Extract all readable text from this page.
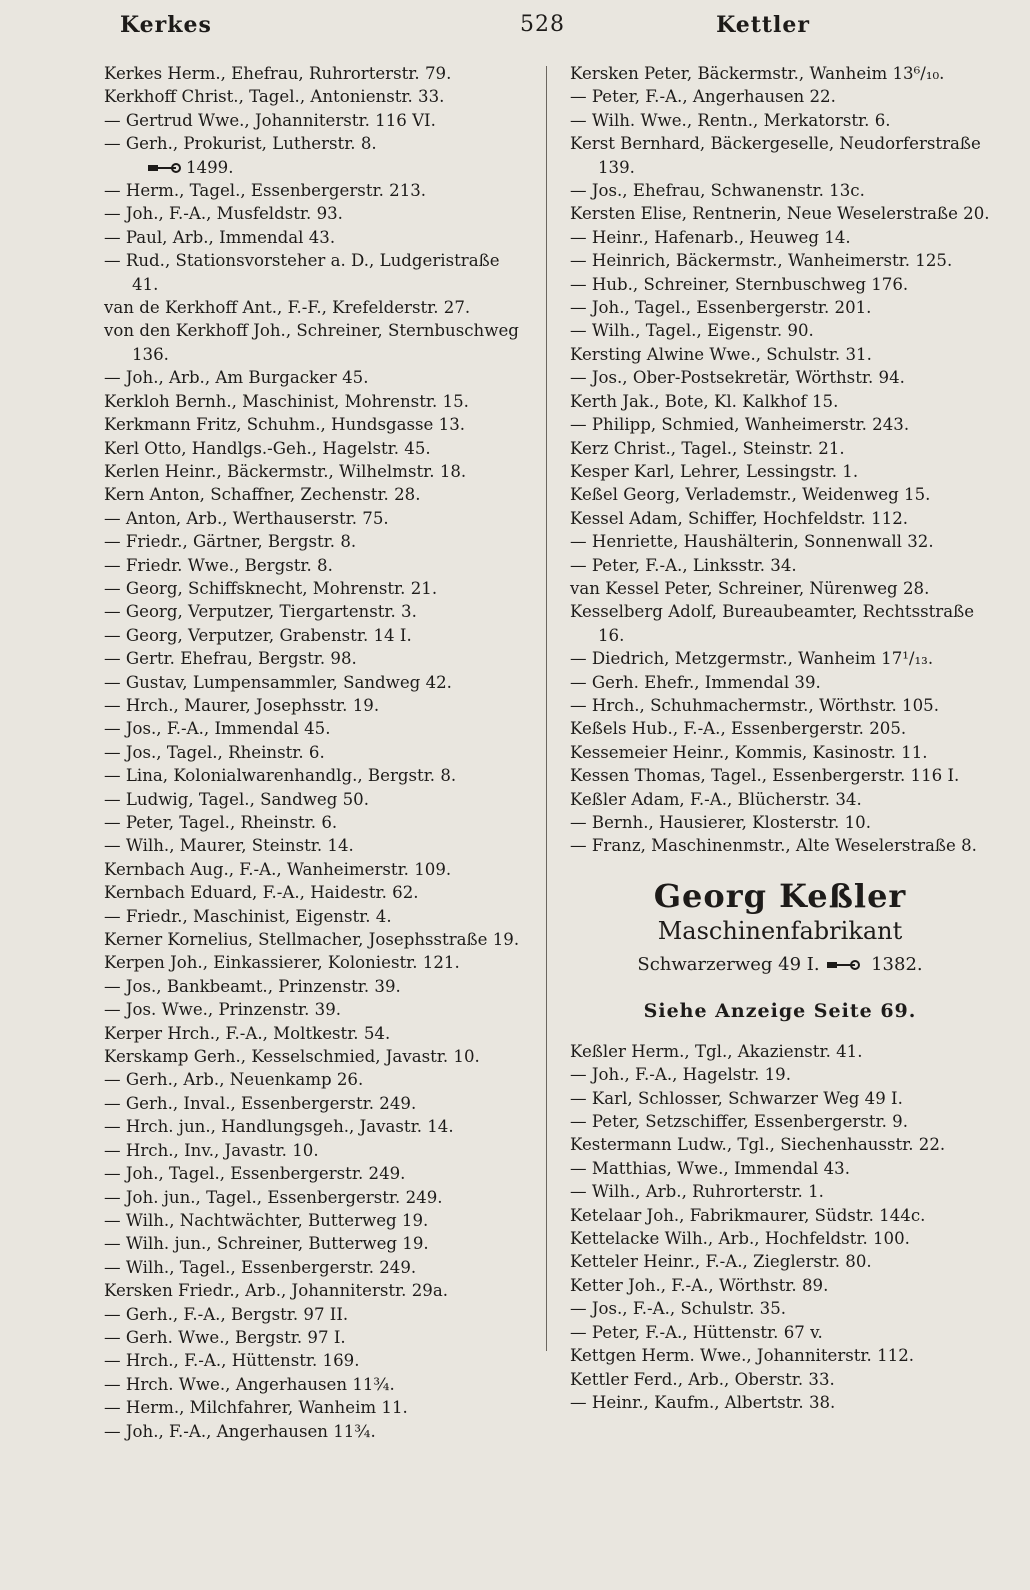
Kerkes	528	Kettler
Kerkes Herm., Ehefrau, Ruhrorterstr. 79.
Kerkhoff Christ., Tagel., Antonienstr. 33.
— Gertrud Wwe., Johanniterstr. 116 VI.
— Gerh., Prokurist, Lutherstr. 8.
1499.
— Herm., Tagel., Essenbergerstr. 213.
— Joh., F.-A., Musfeldstr. 93.
— Paul, Arb., Immendal 43.
— Rud., Stationsvorsteher a. D., Ludgeristraße 41.
van de Kerkhoff Ant., F.-F., Krefelderstr. 27.
von den Kerkhoff Joh., Schreiner, Sternbuschweg 136.
— Joh., Arb., Am Burgacker 45.
Kerkloh Bernh., Maschinist, Mohrenstr. 15.
Kerkmann Fritz, Schuhm., Hundsgasse 13.
Kerl Otto, Handlgs.-Geh., Hagelstr. 45.
Kerlen Heinr., Bäckermstr., Wilhelmstr. 18.
Kern Anton, Schaffner, Zechenstr. 28.
— Anton, Arb., Werthauserstr. 75.
— Friedr., Gärtner, Bergstr. 8.
— Friedr. Wwe., Bergstr. 8.
— Georg, Schiffsknecht, Mohrenstr. 21.
— Georg, Verputzer, Tiergartenstr. 3.
— Georg, Verputzer, Grabenstr. 14 I.
— Gertr. Ehefrau, Bergstr. 98.
— Gustav, Lumpensammler, Sandweg 42.
— Hrch., Maurer, Josephsstr. 19.
— Jos., F.-A., Immendal 45.
— Jos., Tagel., Rheinstr. 6.
— Lina, Kolonialwarenhandlg., Bergstr. 8.
— Ludwig, Tagel., Sandweg 50.
— Peter, Tagel., Rheinstr. 6.
— Wilh., Maurer, Steinstr. 14.
Kernbach Aug., F.-A., Wanheimerstr. 109.
Kernbach Eduard, F.-A., Haidestr. 62.
— Friedr., Maschinist, Eigenstr. 4.
Kerner Kornelius, Stellmacher, Josephsstraße 19.
Kerpen Joh., Einkassierer, Koloniestr. 121.
— Jos., Bankbeamt., Prinzenstr. 39.
— Jos. Wwe., Prinzenstr. 39.
Kerper Hrch., F.-A., Moltkestr. 54.
Kerskamp Gerh., Kesselschmied, Javastr. 10.
— Gerh., Arb., Neuenkamp 26.
— Gerh., Inval., Essenbergerstr. 249.
— Hrch. jun., Handlungsgeh., Javastr. 14.
— Hrch., Inv., Javastr. 10.
— Joh., Tagel., Essenbergerstr. 249.
— Joh. jun., Tagel., Essenbergerstr. 249.
— Wilh., Nachtwächter, Butterweg 19.
— Wilh. jun., Schreiner, Butterweg 19.
— Wilh., Tagel., Essenbergerstr. 249.
Kersken Friedr., Arb., Johanniterstr. 29a.
— Gerh., F.-A., Bergstr. 97 II.
— Gerh. Wwe., Bergstr. 97 I.
— Hrch., F.-A., Hüttenstr. 169.
— Hrch. Wwe., Angerhausen 11¾.
— Herm., Milchfahrer, Wanheim 11.
— Joh., F.-A., Angerhausen 11¾.
Kersken Peter, Bäckermstr., Wanheim 13⁶/₁₀.
— Peter, F.-A., Angerhausen 22.
— Wilh. Wwe., Rentn., Merkatorstr. 6.
Kerst Bernhard, Bäckergeselle, Neudorferstraße 139.
— Jos., Ehefrau, Schwanenstr. 13c.
Kersten Elise, Rentnerin, Neue Weselerstraße 20.
— Heinr., Hafenarb., Heuweg 14.
— Heinrich, Bäckermstr., Wanheimerstr. 125.
— Hub., Schreiner, Sternbuschweg 176.
— Joh., Tagel., Essenbergerstr. 201.
— Wilh., Tagel., Eigenstr. 90.
Kersting Alwine Wwe., Schulstr. 31.
— Jos., Ober-Postsekretär, Wörthstr. 94.
Kerth Jak., Bote, Kl. Kalkhof 15.
— Philipp, Schmied, Wanheimerstr. 243.
Kerz Christ., Tagel., Steinstr. 21.
Kesper Karl, Lehrer, Lessingstr. 1.
Keßel Georg, Verlademstr., Weidenweg 15.
Kessel Adam, Schiffer, Hochfeldstr. 112.
— Henriette, Haushälterin, Sonnenwall 32.
— Peter, F.-A., Linksstr. 34.
van Kessel Peter, Schreiner, Nürenweg 28.
Kesselberg Adolf, Bureaubeamter, Rechtsstraße 16.
— Diedrich, Metzgermstr., Wanheim 17¹/₁₃.
— Gerh. Ehefr., Immendal 39.
— Hrch., Schuhmachermstr., Wörthstr. 105.
Keßels Hub., F.-A., Essenbergerstr. 205.
Kessemeier Heinr., Kommis, Kasinostr. 11.
Kessen Thomas, Tagel., Essenbergerstr. 116 I.
Keßler Adam, F.-A., Blücherstr. 34.
— Bernh., Hausierer, Klosterstr. 10.
— Franz, Maschinenmstr., Alte Weselerstraße 8.
Georg Keßler
Maschinenfabrikant
Schwarzerweg 49 I.	1382.
Siehe Anzeige Seite 69.
Keßler Herm., Tgl., Akazienstr. 41.
— Joh., F.-A., Hagelstr. 19.
— Karl, Schlosser, Schwarzer Weg 49 I.
— Peter, Setzschiffer, Essenbergerstr. 9.
Kestermann Ludw., Tgl., Siechenhausstr. 22.
— Matthias, Wwe., Immendal 43.
— Wilh., Arb., Ruhrorterstr. 1.
Ketelaar Joh., Fabrikmaurer, Südstr. 144c.
Kettelacke Wilh., Arb., Hochfeldstr. 100.
Ketteler Heinr., F.-A., Zieglerstr. 80.
Ketter Joh., F.-A., Wörthstr. 89.
— Jos., F.-A., Schulstr. 35.
— Peter, F.-A., Hüttenstr. 67 v.
Kettgen Herm. Wwe., Johanniterstr. 112.
Kettler Ferd., Arb., Oberstr. 33.
— Heinr., Kaufm., Albertstr. 38.
